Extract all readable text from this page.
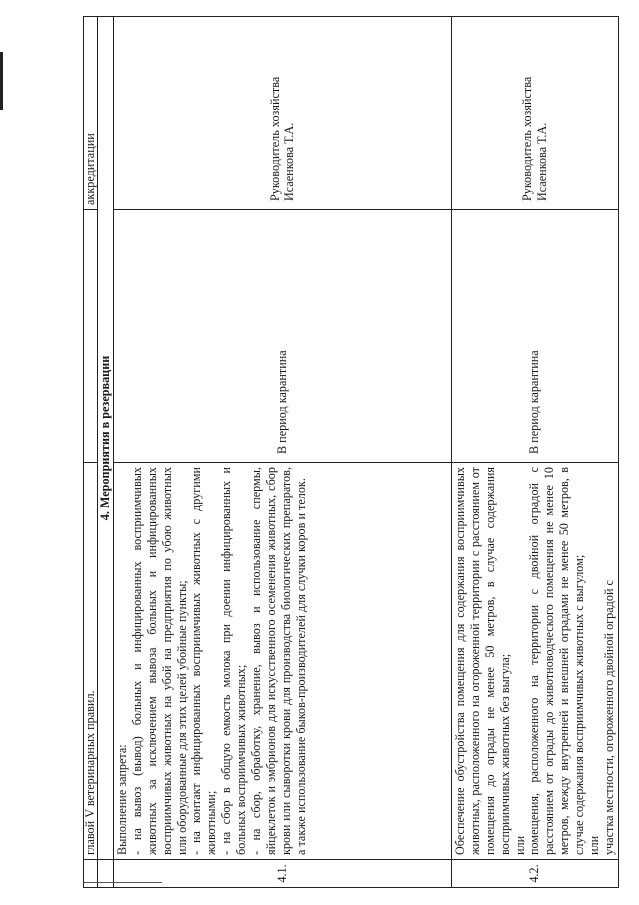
	главой V ветеринарных правил.		аккредитации
	4. Мероприятия в резервации		
4.1.	Выполнение запрета: - на вывоз (вывод) больных и инфицированных восприимчивых животных за исключением вывоза больных и инфицированных восприимчивых животных на убой на предприятия по убою животных или оборудованные для этих целей убойные пункты; - на контакт инфицированных восприимчивых животных с другими животными; - на сбор в общую емкость молока при доении инфицированных и больных восприимчивых животных; - на сбор, обработку, хранение, вывоз и использование спермы, яйцеклеток и эмбрионов для искусственного осеменения животных, сбор крови или сыворотки крови для производства биологических препаратов, а также использование быков-производителей для случки коров и телок.	В период карантина	Руководитель хозяйства Исаенкова Т.А.
4.2.	Обеспечение обустройства помещения для содержания восприимчивых животных, расположенного на огороженной территории с расстоянием от помещения до ограды не менее 50 метров, в случае содержания восприимчивых животных без выгула; или помещения, расположенного на территории с двойной оградой с расстоянием от ограды до животноводческого помещения не менее 10 метров, между внутренней и внешней оградами не менее 50 метров, в случае содержания восприимчивых животных с выгулом; или участка местности, огороженного двойной оградой с	В период карантина	Руководитель хозяйства Исаенкова Т.А.
